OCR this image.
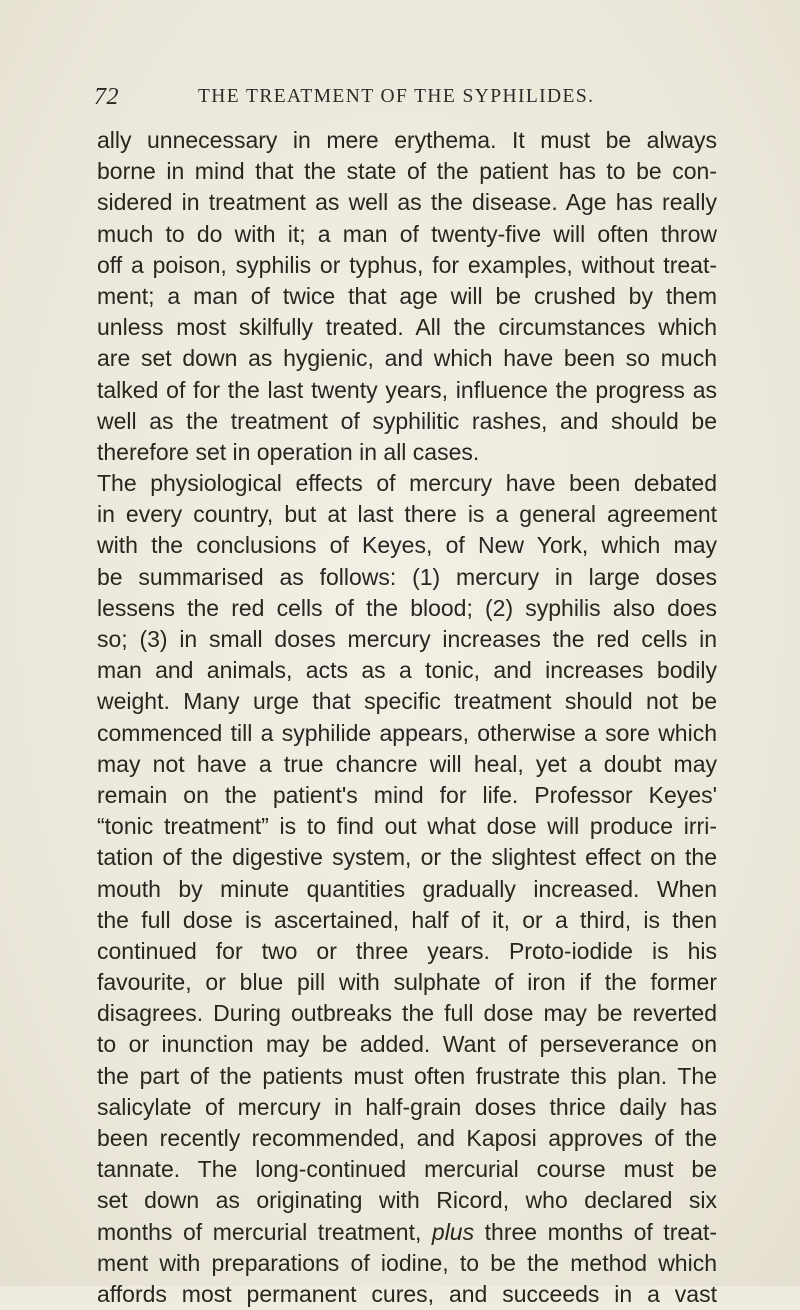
72	THE TREATMENT OF THE SYPHILIDES.
ally unnecessary in mere erythema. It must be always
borne in mind that the state of the patient has to be con-
sidered in treatment as well as the disease. Age has really
much to do with it; a man of twenty-five will often throw
off a poison, syphilis or typhus, for examples, without treat-
ment; a man of twice that age will be crushed by them
unless most skilfully treated. All the circumstances which
are set down as hygienic, and which have been so much
talked of for the last twenty years, influence the progress as
well as the treatment of syphilitic rashes, and should be
therefore set in operation in all cases.
The physiological effects of mercury have been debated
in every country, but at last there is a general agreement
with the conclusions of Keyes, of New York, which may
be summarised as follows: (1) mercury in large doses
lessens the red cells of the blood; (2) syphilis also does
so; (3) in small doses mercury increases the red cells in
man and animals, acts as a tonic, and increases bodily
weight. Many urge that specific treatment should not be
commenced till a syphilide appears, otherwise a sore which
may not have a true chancre will heal, yet a doubt may
remain on the patient's mind for life. Professor Keyes'
“tonic treatment” is to find out what dose will produce irri-
tation of the digestive system, or the slightest effect on the
mouth by minute quantities gradually increased. When
the full dose is ascertained, half of it, or a third, is then
continued for two or three years. Proto-iodide is his
favourite, or blue pill with sulphate of iron if the former
disagrees. During outbreaks the full dose may be reverted
to or inunction may be added. Want of perseverance on
the part of the patients must often frustrate this plan. The
salicylate of mercury in half-grain doses thrice daily has
been recently recommended, and Kaposi approves of the
tannate. The long-continued mercurial course must be
set down as originating with Ricord, who declared six
months of mercurial treatment, plus three months of treat-
ment with preparations of iodine, to be the method which
affords most permanent cures, and succeeds in a vast
